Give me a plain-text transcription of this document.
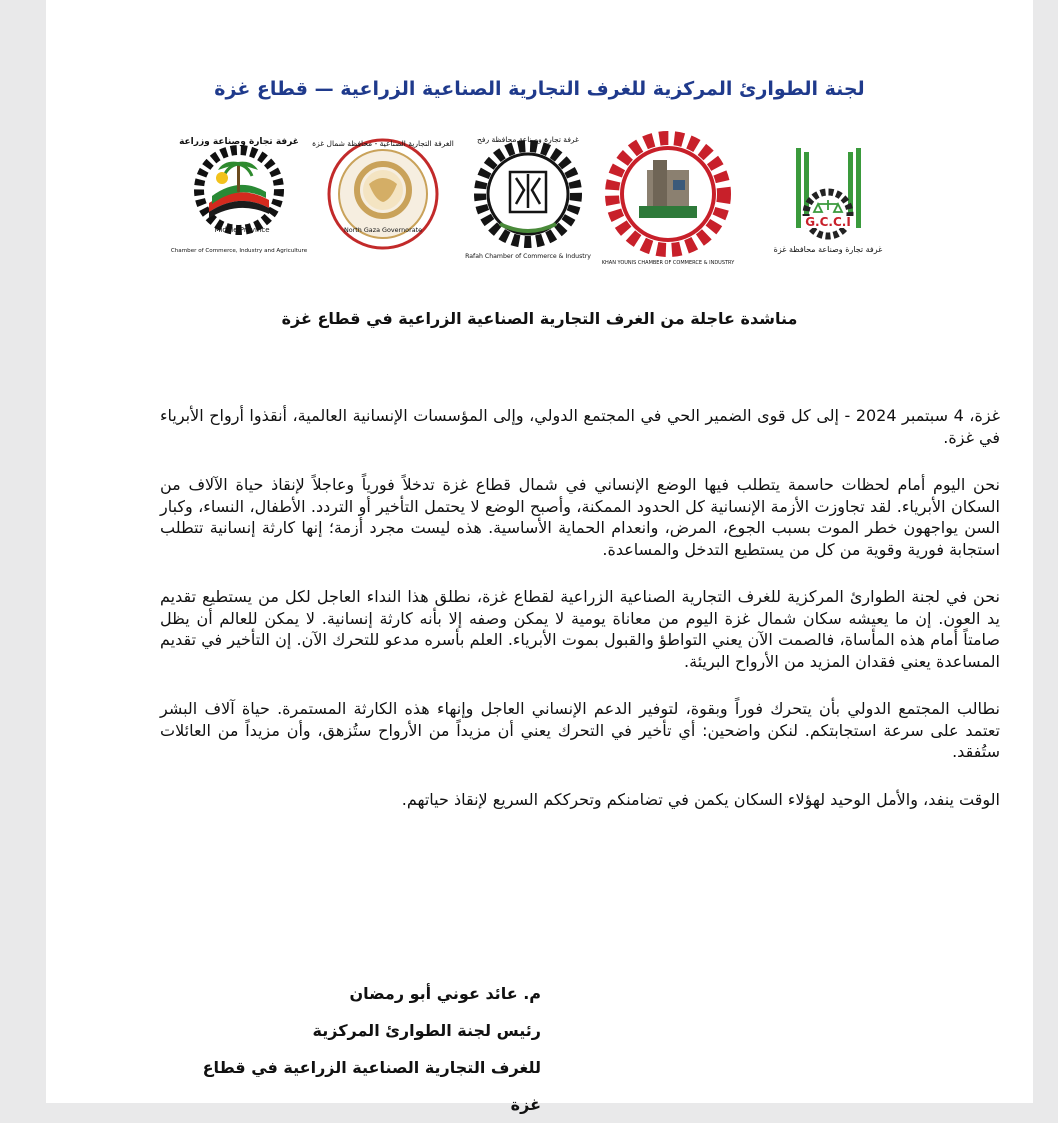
لجنة الطوارئ المركزية للغرف التجارية الصناعية الزراعية — قطاع غزة
غرفة تجارة وصناعة وزراعة
Middle Province
Chamber of Commerce, Industry and Agriculture
الغرفة التجارية الصناعية - محافظة شمال غزة
North Gaza Governorate
غرفة تجارة وصناعة محافظة رفح
Rafah Chamber of Commerce & Industry
KHAN YOUNIS CHAMBER OF COMMERCE & INDUSTRY
G.C.C.I
غرفة تجارة وصناعة محافظة غزة
مناشدة عاجلة من الغرف التجارية الصناعية الزراعية في قطاع غزة

غزة، 4 سبتمبر 2024 - إلى كل قوى الضمير الحي في المجتمع الدولي، وإلى المؤسسات الإنسانية العالمية، أنقذوا أرواح الأبرياء في غزة.

نحن اليوم أمام لحظات حاسمة يتطلب فيها الوضع الإنساني في شمال قطاع غزة تدخلاً فورياً وعاجلاً لإنقاذ حياة الآلاف من السكان الأبرياء. لقد تجاوزت الأزمة الإنسانية كل الحدود الممكنة، وأصبح الوضع لا يحتمل التأخير أو التردد. الأطفال، النساء، وكبار السن يواجهون خطر الموت بسبب الجوع، المرض، وانعدام الحماية الأساسية. هذه ليست مجرد أزمة؛ إنها كارثة إنسانية تتطلب استجابة فورية وقوية من كل من يستطيع التدخل والمساعدة.

نحن في لجنة الطوارئ المركزية للغرف التجارية الصناعية الزراعية لقطاع غزة، نطلق هذا النداء العاجل لكل من يستطيع تقديم يد العون. إن ما يعيشه سكان شمال غزة اليوم من معاناة يومية لا يمكن وصفه إلا بأنه كارثة إنسانية. لا يمكن للعالم أن يظل صامتاً أمام هذه المأساة، فالصمت الآن يعني التواطؤ والقبول بموت الأبرياء. العلم بأسره مدعو للتحرك الآن. إن التأخير في تقديم المساعدة يعني فقدان المزيد من الأرواح البريئة.

نطالب المجتمع الدولي بأن يتحرك فوراً وبقوة، لتوفير الدعم الإنساني العاجل وإنهاء هذه الكارثة المستمرة. حياة آلاف البشر تعتمد على سرعة استجابتكم. لنكن واضحين: أي تأخير في التحرك يعني أن مزيداً من الأرواح ستُزهق، وأن مزيداً من العائلات ستُفقد.

الوقت ينفد، والأمل الوحيد لهؤلاء السكان يكمن في تضامنكم وتحرككم السريع لإنقاذ حياتهم.

م. عائد عوني أبو رمضان
رئيس لجنة الطوارئ المركزية
للغرف التجارية الصناعية الزراعية في قطاع غزة
